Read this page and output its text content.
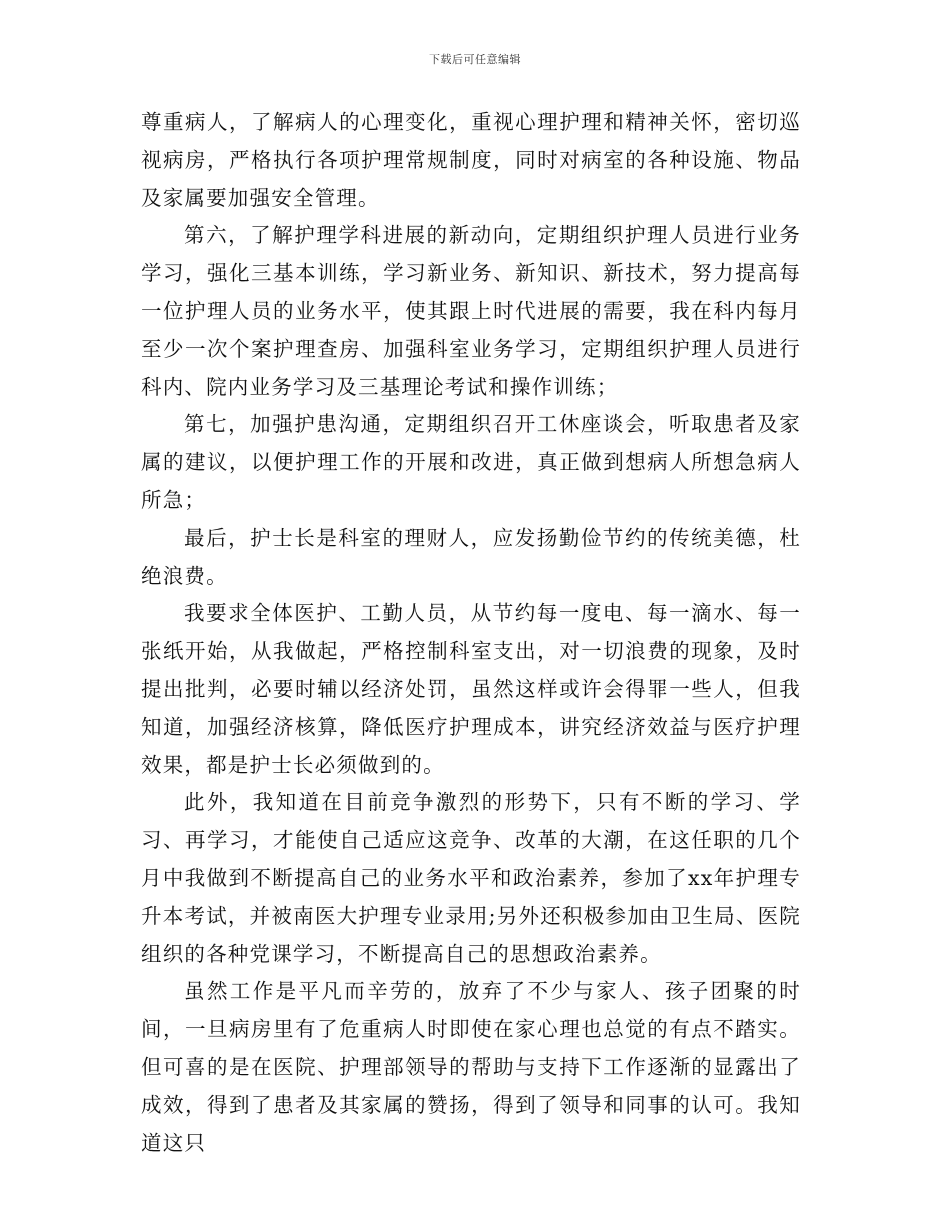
下载后可任意编辑

尊重病人，了解病人的心理变化，重视心理护理和精神关怀，密切巡视病房，严格执行各项护理常规制度，同时对病室的各种设施、物品及家属要加强安全管理。

第六，了解护理学科进展的新动向，定期组织护理人员进行业务学习，强化三基本训练，学习新业务、新知识、新技术，努力提高每一位护理人员的业务水平，使其跟上时代进展的需要，我在科内每月至少一次个案护理查房、加强科室业务学习，定期组织护理人员进行科内、院内业务学习及三基理论考试和操作训练；

第七，加强护患沟通，定期组织召开工休座谈会，听取患者及家属的建议，以便护理工作的开展和改进，真正做到想病人所想急病人所急；

最后，护士长是科室的理财人，应发扬勤俭节约的传统美德，杜绝浪费。

我要求全体医护、工勤人员，从节约每一度电、每一滴水、每一张纸开始，从我做起，严格控制科室支出，对一切浪费的现象，及时提出批判，必要时辅以经济处罚，虽然这样或许会得罪一些人，但我知道，加强经济核算，降低医疗护理成本，讲究经济效益与医疗护理效果，都是护士长必须做到的。

此外，我知道在目前竞争激烈的形势下，只有不断的学习、学习、再学习，才能使自己适应这竞争、改革的大潮，在这任职的几个月中我做到不断提高自己的业务水平和政治素养，参加了xx年护理专升本考试，并被南医大护理专业录用;另外还积极参加由卫生局、医院组织的各种党课学习，不断提高自己的思想政治素养。

虽然工作是平凡而辛劳的，放弃了不少与家人、孩子团聚的时间，一旦病房里有了危重病人时即使在家心理也总觉的有点不踏实。但可喜的是在医院、护理部领导的帮助与支持下工作逐渐的显露出了成效，得到了患者及其家属的赞扬，得到了领导和同事的认可。我知道这只
